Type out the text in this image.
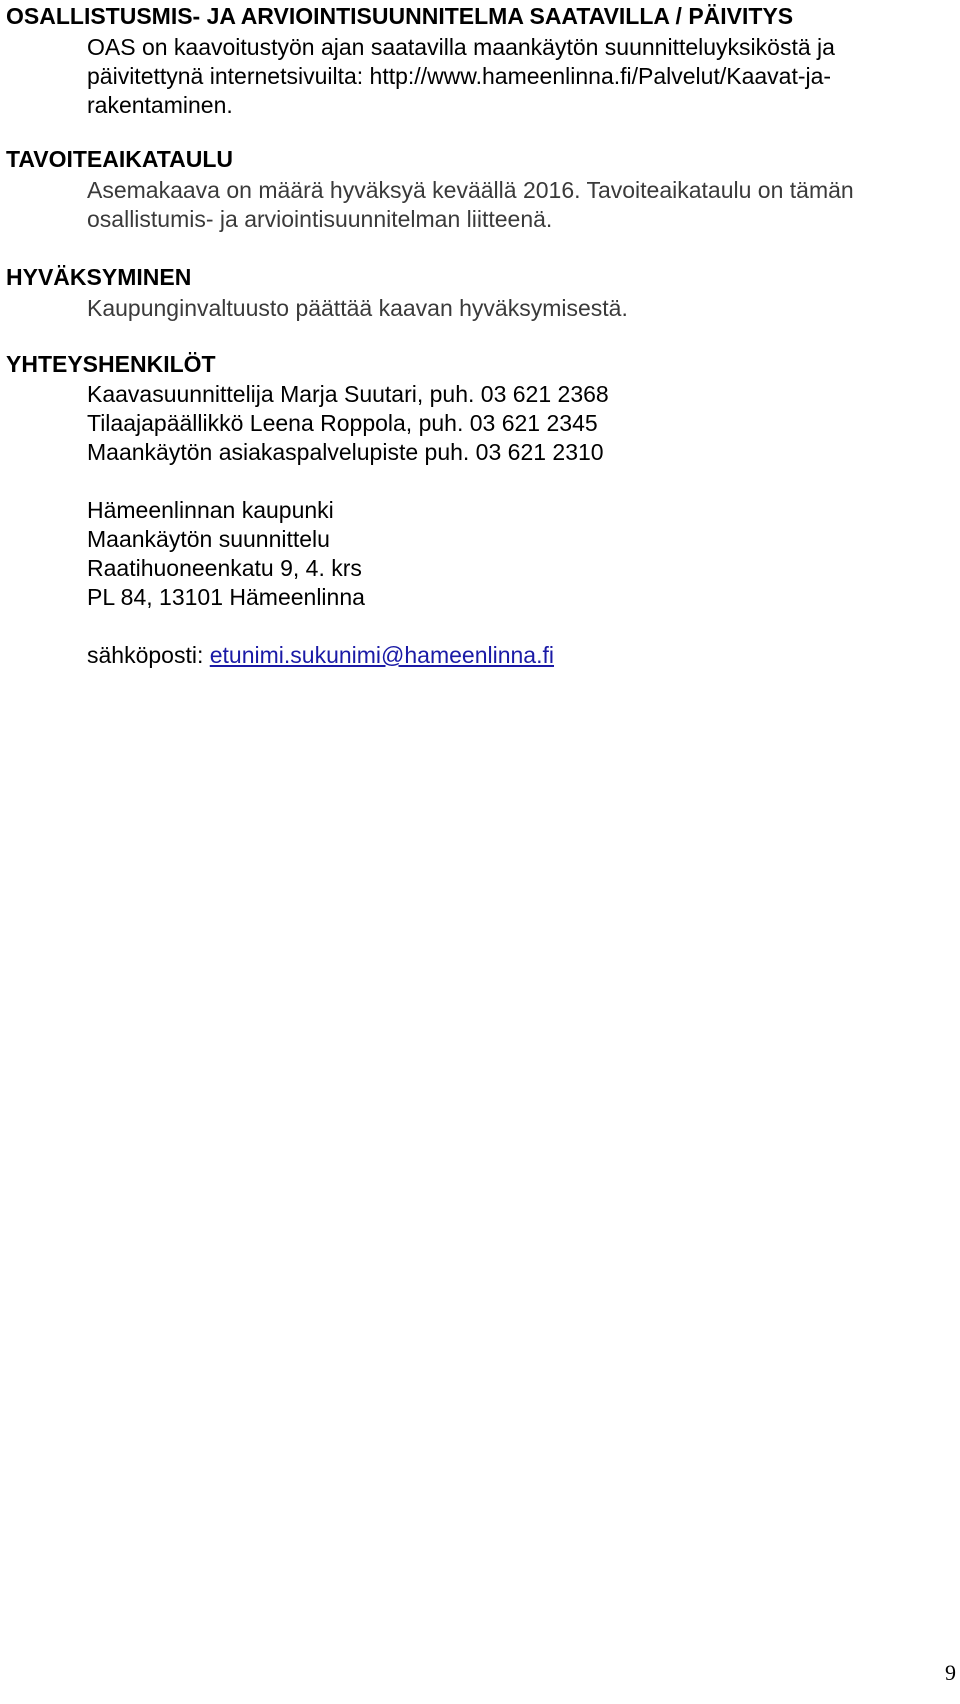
OSALLISTUSMIS- JA ARVIOINTISUUNNITELMA SAATAVILLA / PÄIVITYS
OAS on kaavoitustyön ajan saatavilla maankäytön suunnitteluyksiköstä ja
päivitettynä internetsivuilta: http://www.hameenlinna.fi/Palvelut/Kaavat-ja-
rakentaminen.
TAVOITEAIKATAULU
Asemakaava on määrä hyväksyä keväällä 2016. Tavoiteaikataulu on tämän
osallistumis- ja arviointisuunnitelman liitteenä.
HYVÄKSYMINEN
Kaupunginvaltuusto päättää kaavan hyväksymisestä.
YHTEYSHENKILÖT
Kaavasuunnittelija Marja Suutari, puh. 03 621 2368
Tilaajapäällikkö Leena Roppola, puh. 03 621 2345
Maankäytön asiakaspalvelupiste puh. 03 621 2310
Hämeenlinnan kaupunki
Maankäytön suunnittelu
Raatihuoneenkatu 9, 4. krs
PL 84, 13101 Hämeenlinna
sähköposti: etunimi.sukunimi@hameenlinna.fi
9
